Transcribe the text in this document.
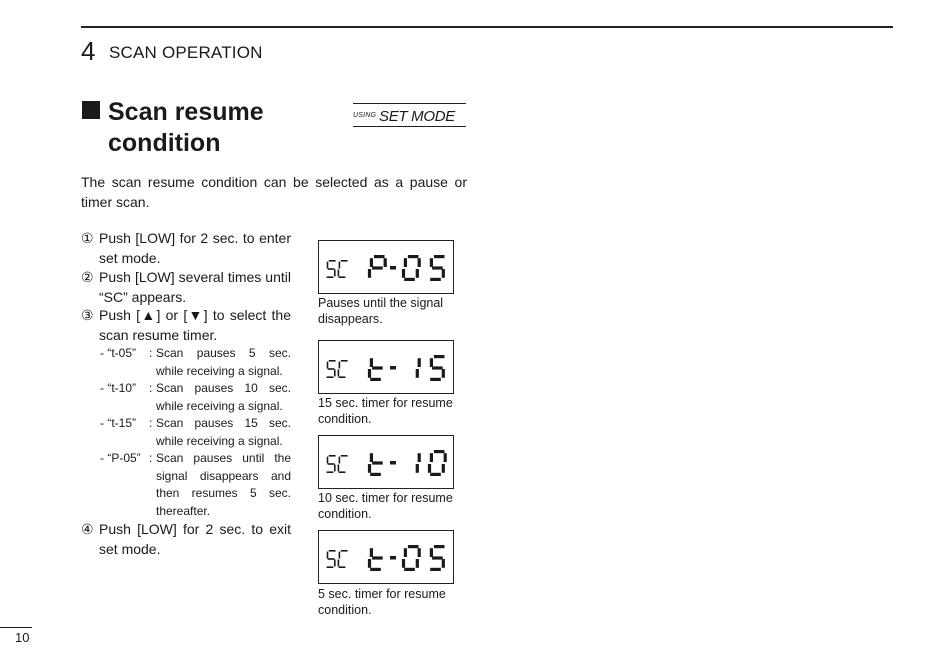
4 SCAN OPERATION
Scan resume
condition
USING SET MODE
The scan resume condition can be selected as a pause or timer scan.
① Push [LOW] for 2 sec. to enter set mode.
② Push [LOW] several times until “SC” appears.
③ Push [▲] or [▼] to select the scan resume timer.
- “t-05” : Scan pauses 5 sec. while receiving a signal.
- “t-10” : Scan pauses 10 sec. while receiving a signal.
- “t-15” : Scan pauses 15 sec. while receiving a signal.
- “P-05” : Scan pauses until the signal disappears and then resumes 5 sec. thereafter.
④ Push [LOW] for 2 sec. to exit set mode.
Pauses until the signal disappears.
15 sec. timer for resume condition.
10 sec. timer for resume condition.
5 sec. timer for resume condition.
10
